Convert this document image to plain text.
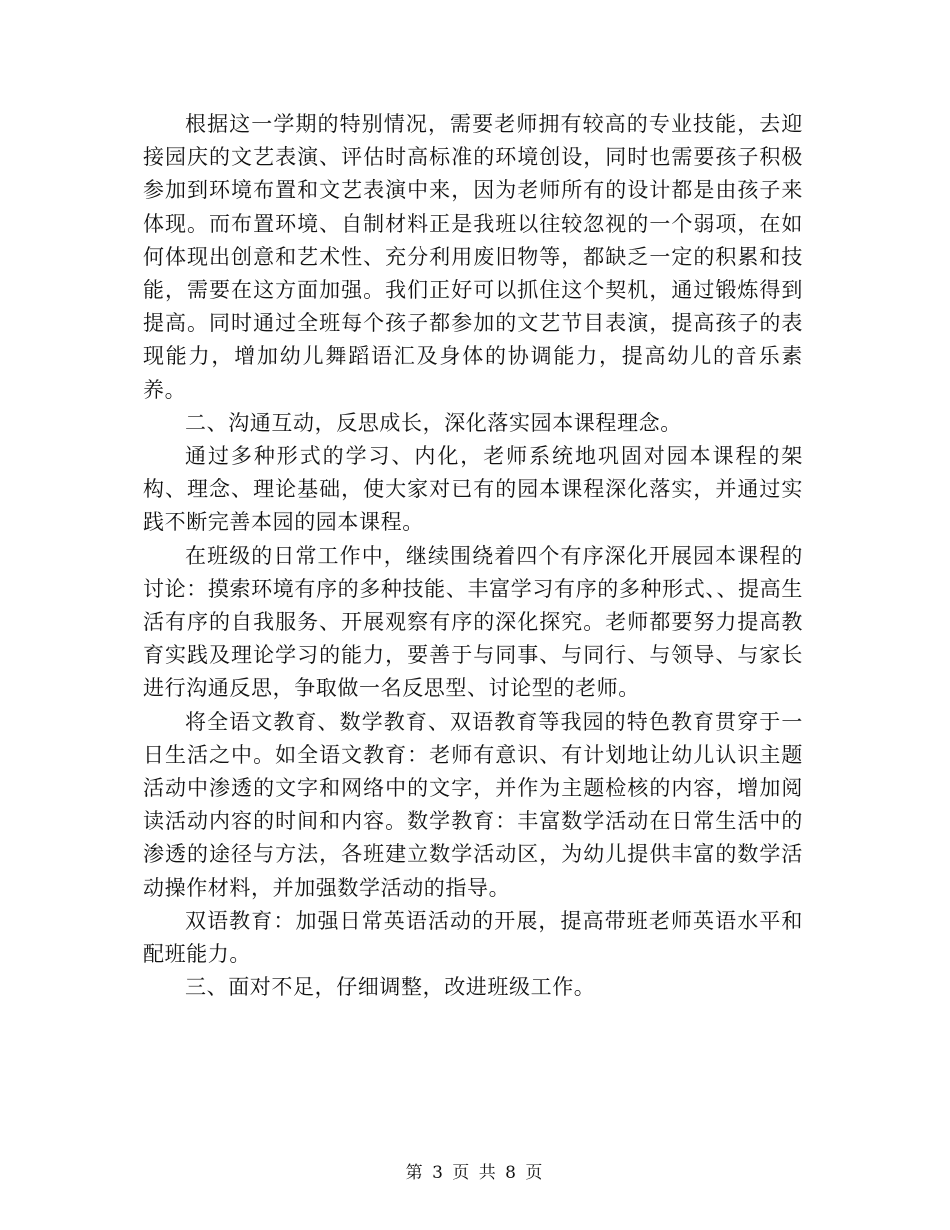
根据这一学期的特别情况，需要老师拥有较高的专业技能，去迎接园庆的文艺表演、评估时高标准的环境创设，同时也需要孩子积极参加到环境布置和文艺表演中来，因为老师所有的设计都是由孩子来体现。而布置环境、自制材料正是我班以往较忽视的一个弱项，在如何体现出创意和艺术性、充分利用废旧物等，都缺乏一定的积累和技能，需要在这方面加强。我们正好可以抓住这个契机，通过锻炼得到提高。同时通过全班每个孩子都参加的文艺节目表演，提高孩子的表现能力，增加幼儿舞蹈语汇及身体的协调能力，提高幼儿的音乐素养。

二、沟通互动，反思成长，深化落实园本课程理念。

通过多种形式的学习、内化，老师系统地巩固对园本课程的架构、理念、理论基础，使大家对已有的园本课程深化落实，并通过实践不断完善本园的园本课程。

在班级的日常工作中，继续围绕着四个有序深化开展园本课程的讨论：摸索环境有序的多种技能、丰富学习有序的多种形式、、提高生活有序的自我服务、开展观察有序的深化探究。老师都要努力提高教育实践及理论学习的能力，要善于与同事、与同行、与领导、与家长进行沟通反思，争取做一名反思型、讨论型的老师。

将全语文教育、数学教育、双语教育等我园的特色教育贯穿于一日生活之中。如全语文教育：老师有意识、有计划地让幼儿认识主题活动中渗透的文字和网络中的文字，并作为主题检核的内容，增加阅读活动内容的时间和内容。数学教育：丰富数学活动在日常生活中的渗透的途径与方法，各班建立数学活动区，为幼儿提供丰富的数学活动操作材料，并加强数学活动的指导。

双语教育：加强日常英语活动的开展，提高带班老师英语水平和配班能力。

三、面对不足，仔细调整，改进班级工作。

第 3 页 共 8 页
